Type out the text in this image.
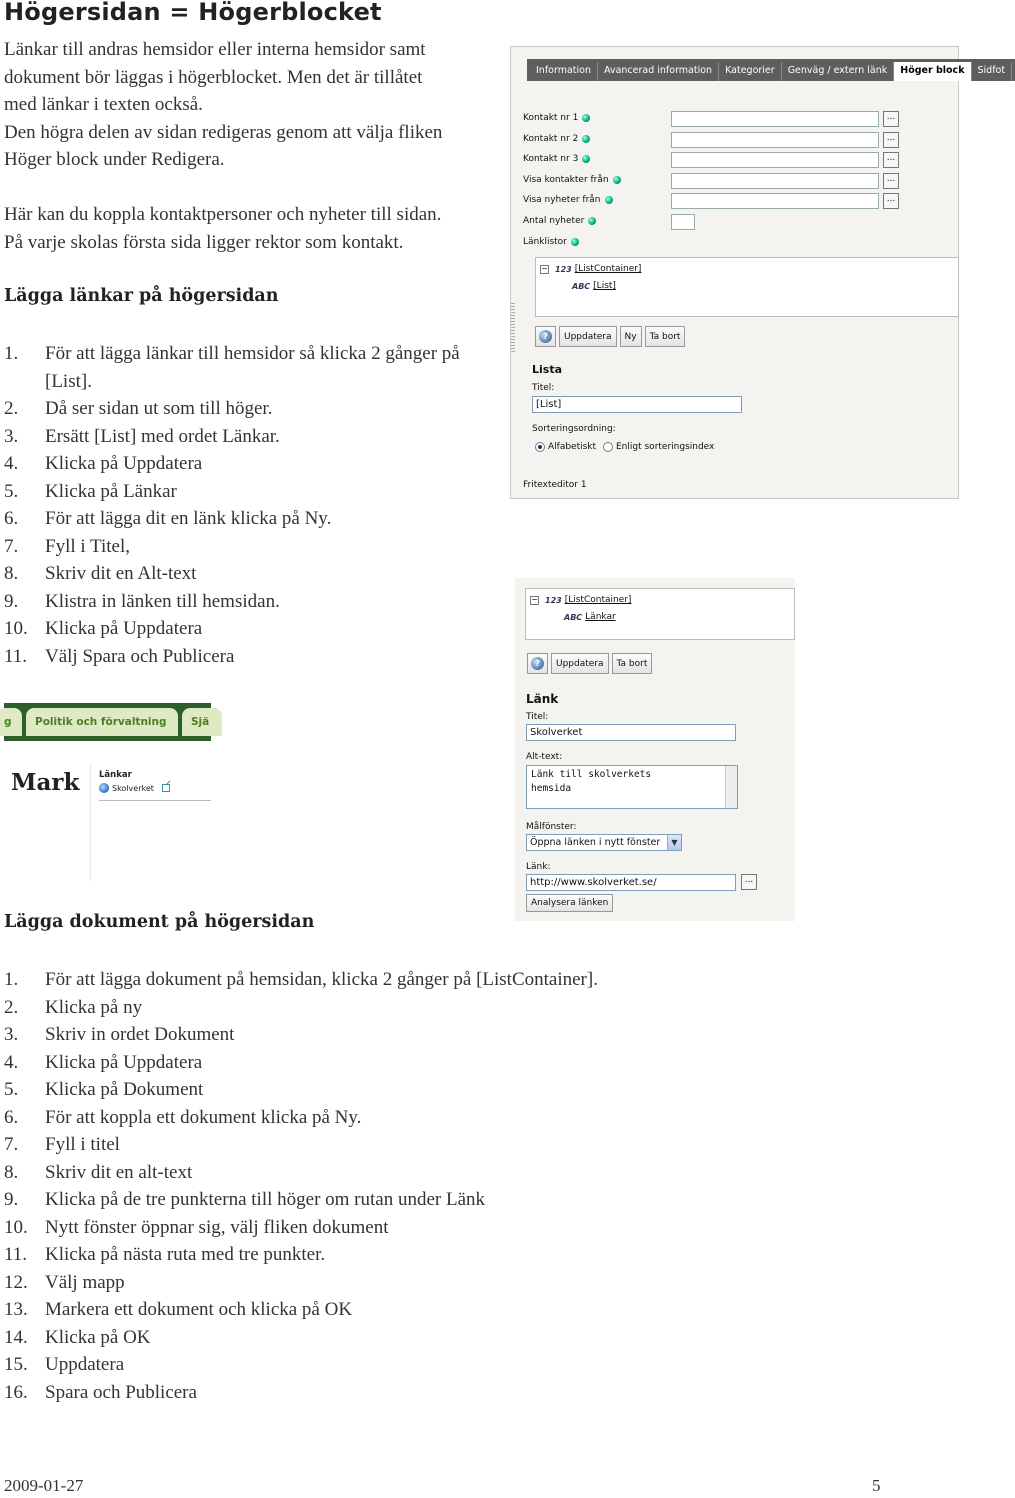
Högersidan = Högerblocket
Länkar till andras hemsidor eller interna hemsidor samt
dokument bör läggas i högerblocket. Men det är tillåtet
med länkar i texten också.
Den högra delen av sidan redigeras genom att välja fliken
Höger block under Redigera.
Här kan du koppla kontaktpersoner och nyheter till sidan.
På varje skolas första sida ligger rektor som kontakt.
Lägga länkar på högersidan
1. För att lägga länkar till hemsidor så klicka 2 gånger på
[List].
2. Då ser sidan ut som till höger.
3. Ersätt [List] med ordet Länkar.
4. Klicka på Uppdatera
5. Klicka på Länkar
6. För att lägga dit en länk klicka på Ny.
7. Fyll i Titel,
8. Skriv dit en Alt-text
9. Klistra in länken till hemsidan.
10. Klicka på Uppdatera
11. Välj Spara och Publicera
Lägga dokument på högersidan
1. För att lägga dokument på hemsidan, klicka 2 gånger på [ListContainer].
2. Klicka på ny
3. Skriv in ordet Dokument
4. Klicka på Uppdatera
5. Klicka på Dokument
6. För att koppla ett dokument klicka på Ny.
7. Fyll i titel
8. Skriv dit en alt-text
9. Klicka på de tre punkterna till höger om rutan under Länk
10. Nytt fönster öppnar sig, välj fliken dokument
11. Klicka på nästa ruta med tre punkter.
12. Välj mapp
13. Markera ett dokument och klicka på OK
14. Klicka på OK
15. Uppdatera
16. Spara och Publicera
2009-01-27	5
Information	Avancerad information	Kategorier	Genväg / extern länk	Höger block	Sidfot
Kontakt nr 1	...
Kontakt nr 2	...
Kontakt nr 3	...
Visa kontakter från	...
Visa nyheter från	...
Antal nyheter
Länklistor
− 123 [ListContainer]
ABC [List]
?	Uppdatera	Ny	Ta bort
Lista
Titel:
[List]
Sorteringsordning:
Alfabetiskt Enligt sorteringsindex
Fritexteditor 1
− 123 [ListContainer]
ABC Länkar
?	Uppdatera	Ta bort
Länk
Titel:
Skolverket
Alt-text:
Länk till skolverkets hemsida
Målfönster:
Öppna länken i nytt fönster	▼
Länk:
http://www.skolverket.se/	...
Analysera länken
g	Politik och förvaltning	Sjä
Mark Länkar
Skolverket
